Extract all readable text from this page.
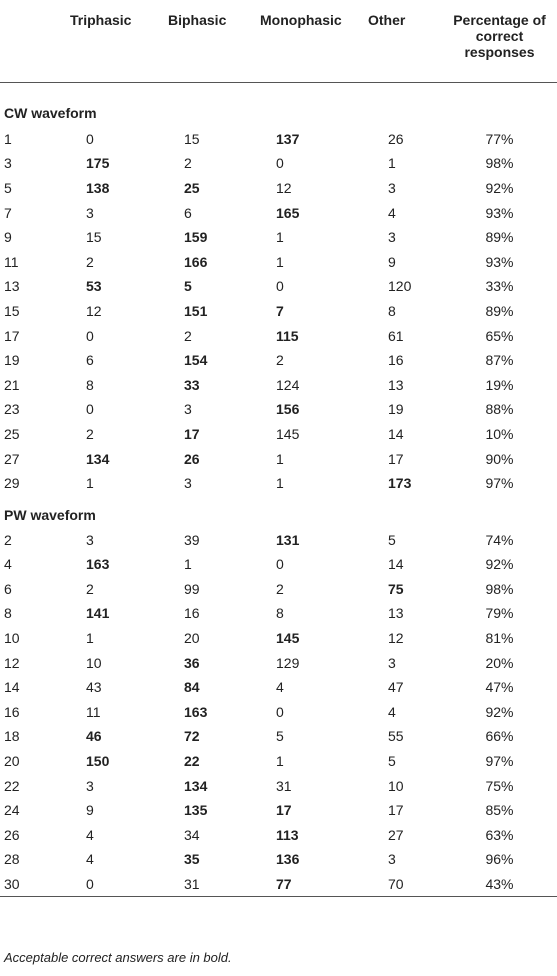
	Triphasic	Biphasic	Monophasic	Other	Percentage of correct responses
CW waveform					
1	0	15	137	26	77%
3	175	2	0	1	98%
5	138	25	12	3	92%
7	3	6	165	4	93%
9	15	159	1	3	89%
11	2	166	1	9	93%
13	53	5	0	120	33%
15	12	151	7	8	89%
17	0	2	115	61	65%
19	6	154	2	16	87%
21	8	33	124	13	19%
23	0	3	156	19	88%
25	2	17	145	14	10%
27	134	26	1	17	90%
29	1	3	1	173	97%
PW waveform					
2	3	39	131	5	74%
4	163	1	0	14	92%
6	2	99	2	75	98%
8	141	16	8	13	79%
10	1	20	145	12	81%
12	10	36	129	3	20%
14	43	84	4	47	47%
16	11	163	0	4	92%
18	46	72	5	55	66%
20	150	22	1	5	97%
22	3	134	31	10	75%
24	9	135	17	17	85%
26	4	34	113	27	63%
28	4	35	136	3	96%
30	0	31	77	70	43%
Acceptable correct answers are in bold.
